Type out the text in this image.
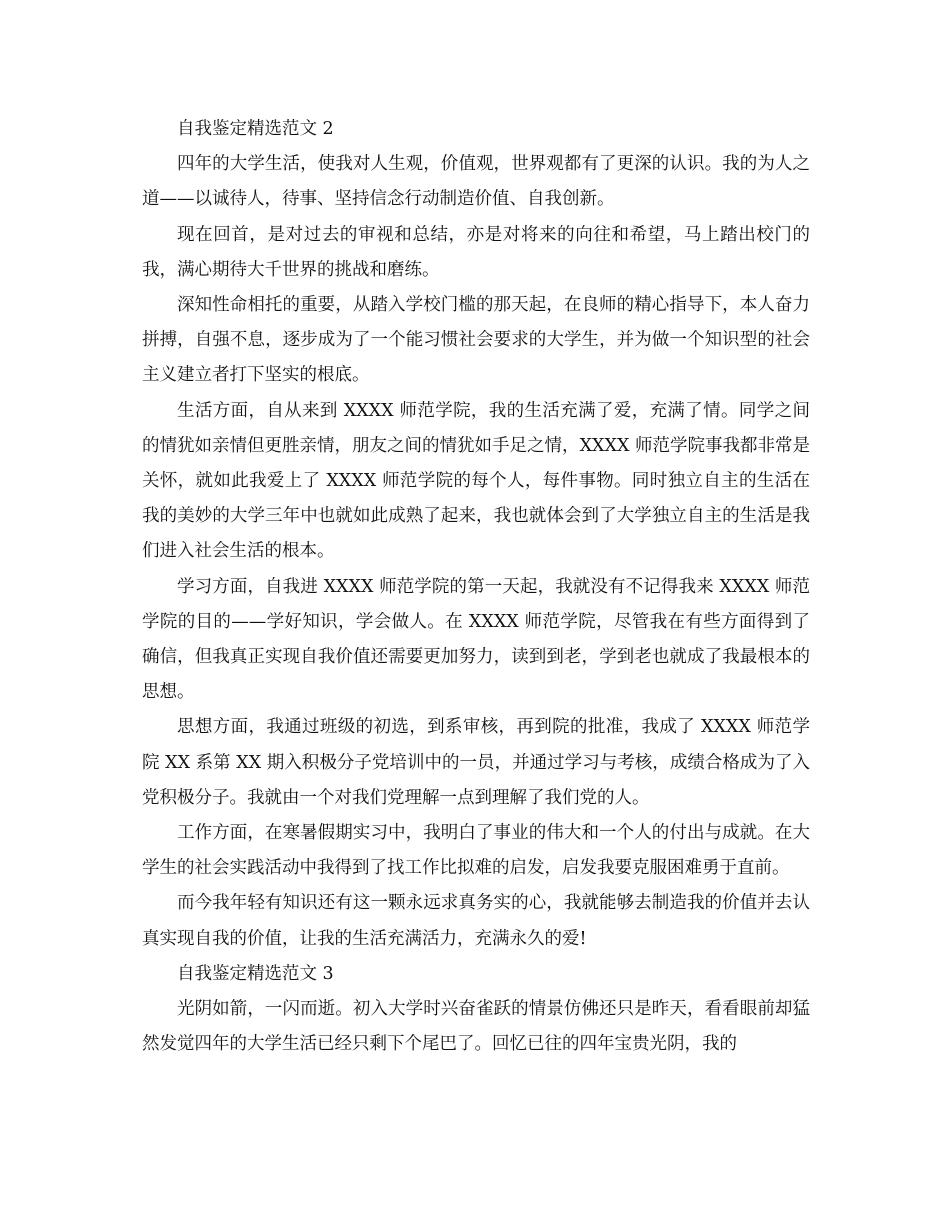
自我鉴定精选范文 2

四年的大学生活，使我对人生观，价值观，世界观都有了更深的认识。我的为人之道——以诚待人，待事、坚持信念行动制造价值、自我创新。

现在回首，是对过去的审视和总结，亦是对将来的向往和希望，马上踏出校门的我，满心期待大千世界的挑战和磨练。

深知性命相托的重要，从踏入学校门槛的那天起，在良师的精心指导下，本人奋力拼搏，自强不息，逐步成为了一个能习惯社会要求的大学生，并为做一个知识型的社会主义建立者打下坚实的根底。

生活方面，自从来到 XXXX 师范学院，我的生活充满了爱，充满了情。同学之间的情犹如亲情但更胜亲情，朋友之间的情犹如手足之情，XXXX 师范学院事我都非常是关怀，就如此我爱上了 XXXX 师范学院的每个人，每件事物。同时独立自主的生活在我的美妙的大学三年中也就如此成熟了起来，我也就体会到了大学独立自主的生活是我们进入社会生活的根本。

学习方面，自我进 XXXX 师范学院的第一天起，我就没有不记得我来 XXXX 师范学院的目的——学好知识，学会做人。在 XXXX 师范学院，尽管我在有些方面得到了确信，但我真正实现自我价值还需要更加努力，读到到老，学到老也就成了我最根本的思想。

思想方面，我通过班级的初选，到系审核，再到院的批准，我成了 XXXX 师范学院 XX 系第 XX 期入积极分子党培训中的一员，并通过学习与考核，成绩合格成为了入党积极分子。我就由一个对我们党理解一点到理解了我们党的人。

工作方面，在寒暑假期实习中，我明白了事业的伟大和一个人的付出与成就。在大学生的社会实践活动中我得到了找工作比拟难的启发，启发我要克服困难勇于直前。

而今我年轻有知识还有这一颗永远求真务实的心，我就能够去制造我的价值并去认真实现自我的价值，让我的生活充满活力，充满永久的爱!

自我鉴定精选范文 3

光阴如箭，一闪而逝。初入大学时兴奋雀跃的情景仿佛还只是昨天，看看眼前却猛然发觉四年的大学生活已经只剩下个尾巴了。回忆已往的四年宝贵光阴，我的
